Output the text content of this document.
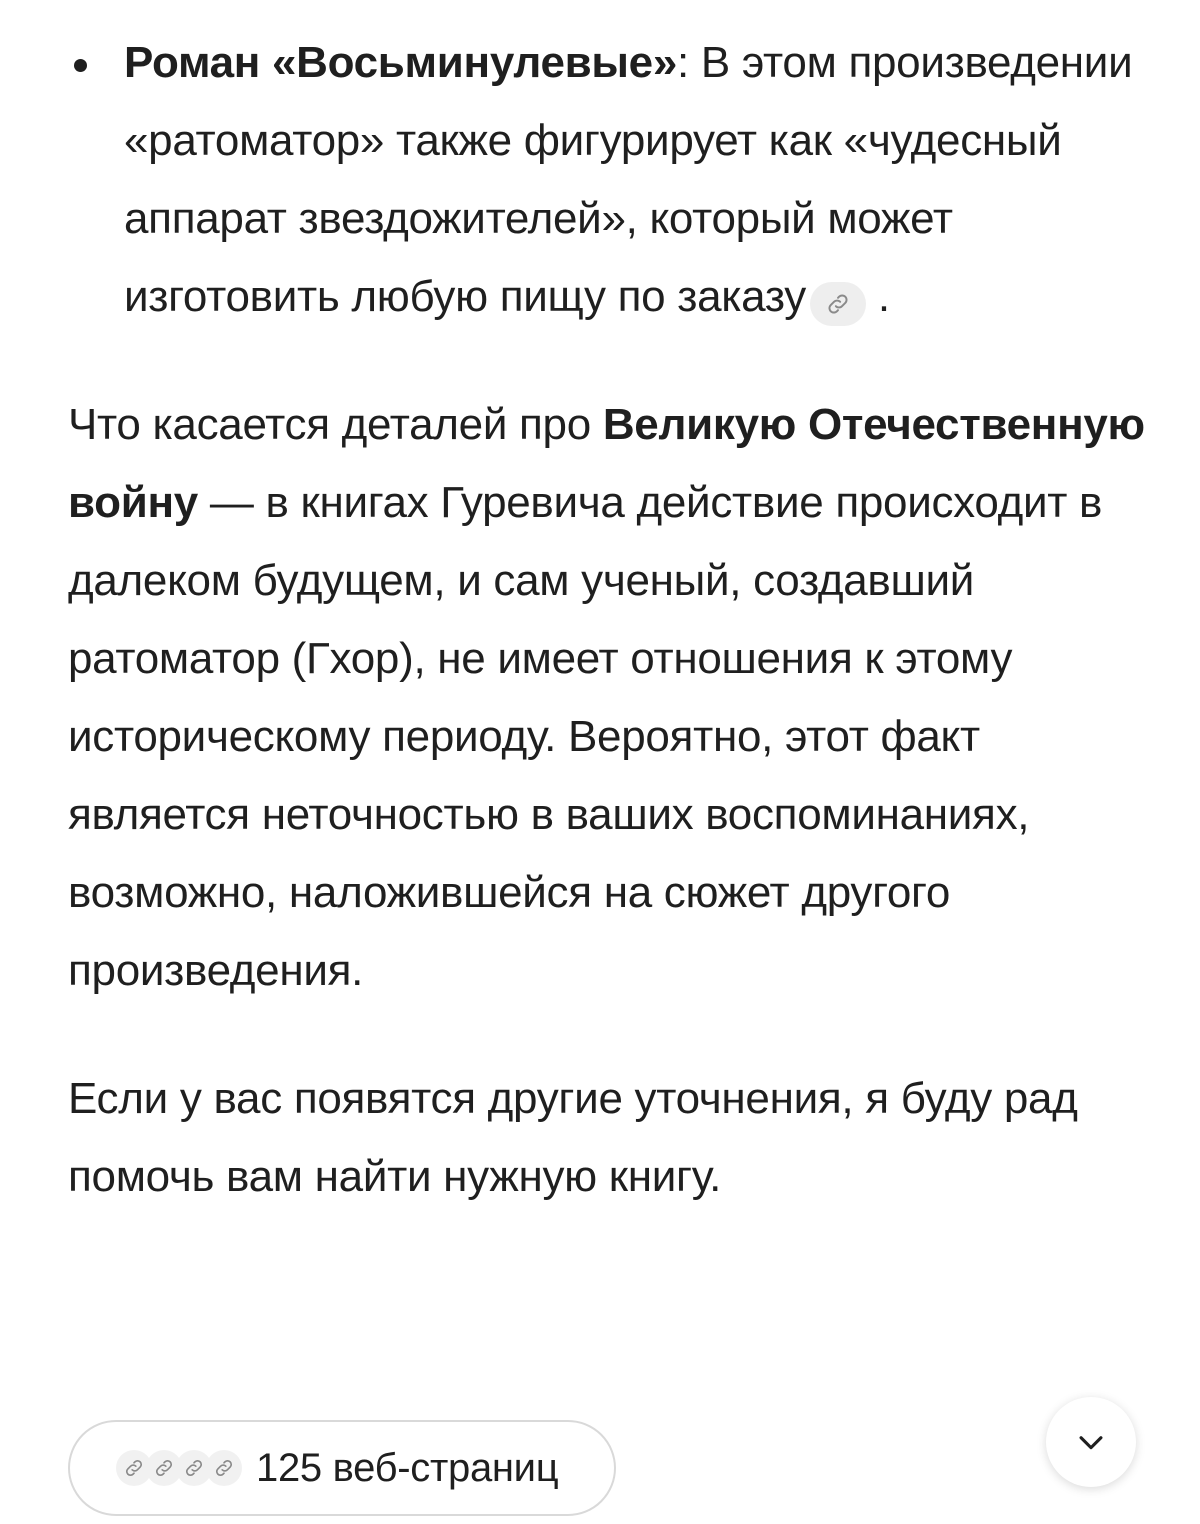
Роман «Восьминулевые»: В этом произведении «ратоматор» также фигурирует как «чудесный аппарат звездожителей», который может изготовить любую пищу по заказу .
Что касается деталей про Великую Отечественную войну — в книгах Гуревича действие происходит в далеком будущем, и сам ученый, создавший ратоматор (Гхор), не имеет отношения к этому историческому периоду. Вероятно, этот факт является неточностью в ваших воспоминаниях, возможно, наложившейся на сюжет другого произведения.
Если у вас появятся другие уточнения, я буду рад помочь вам найти нужную книгу.
125 веб-страниц
